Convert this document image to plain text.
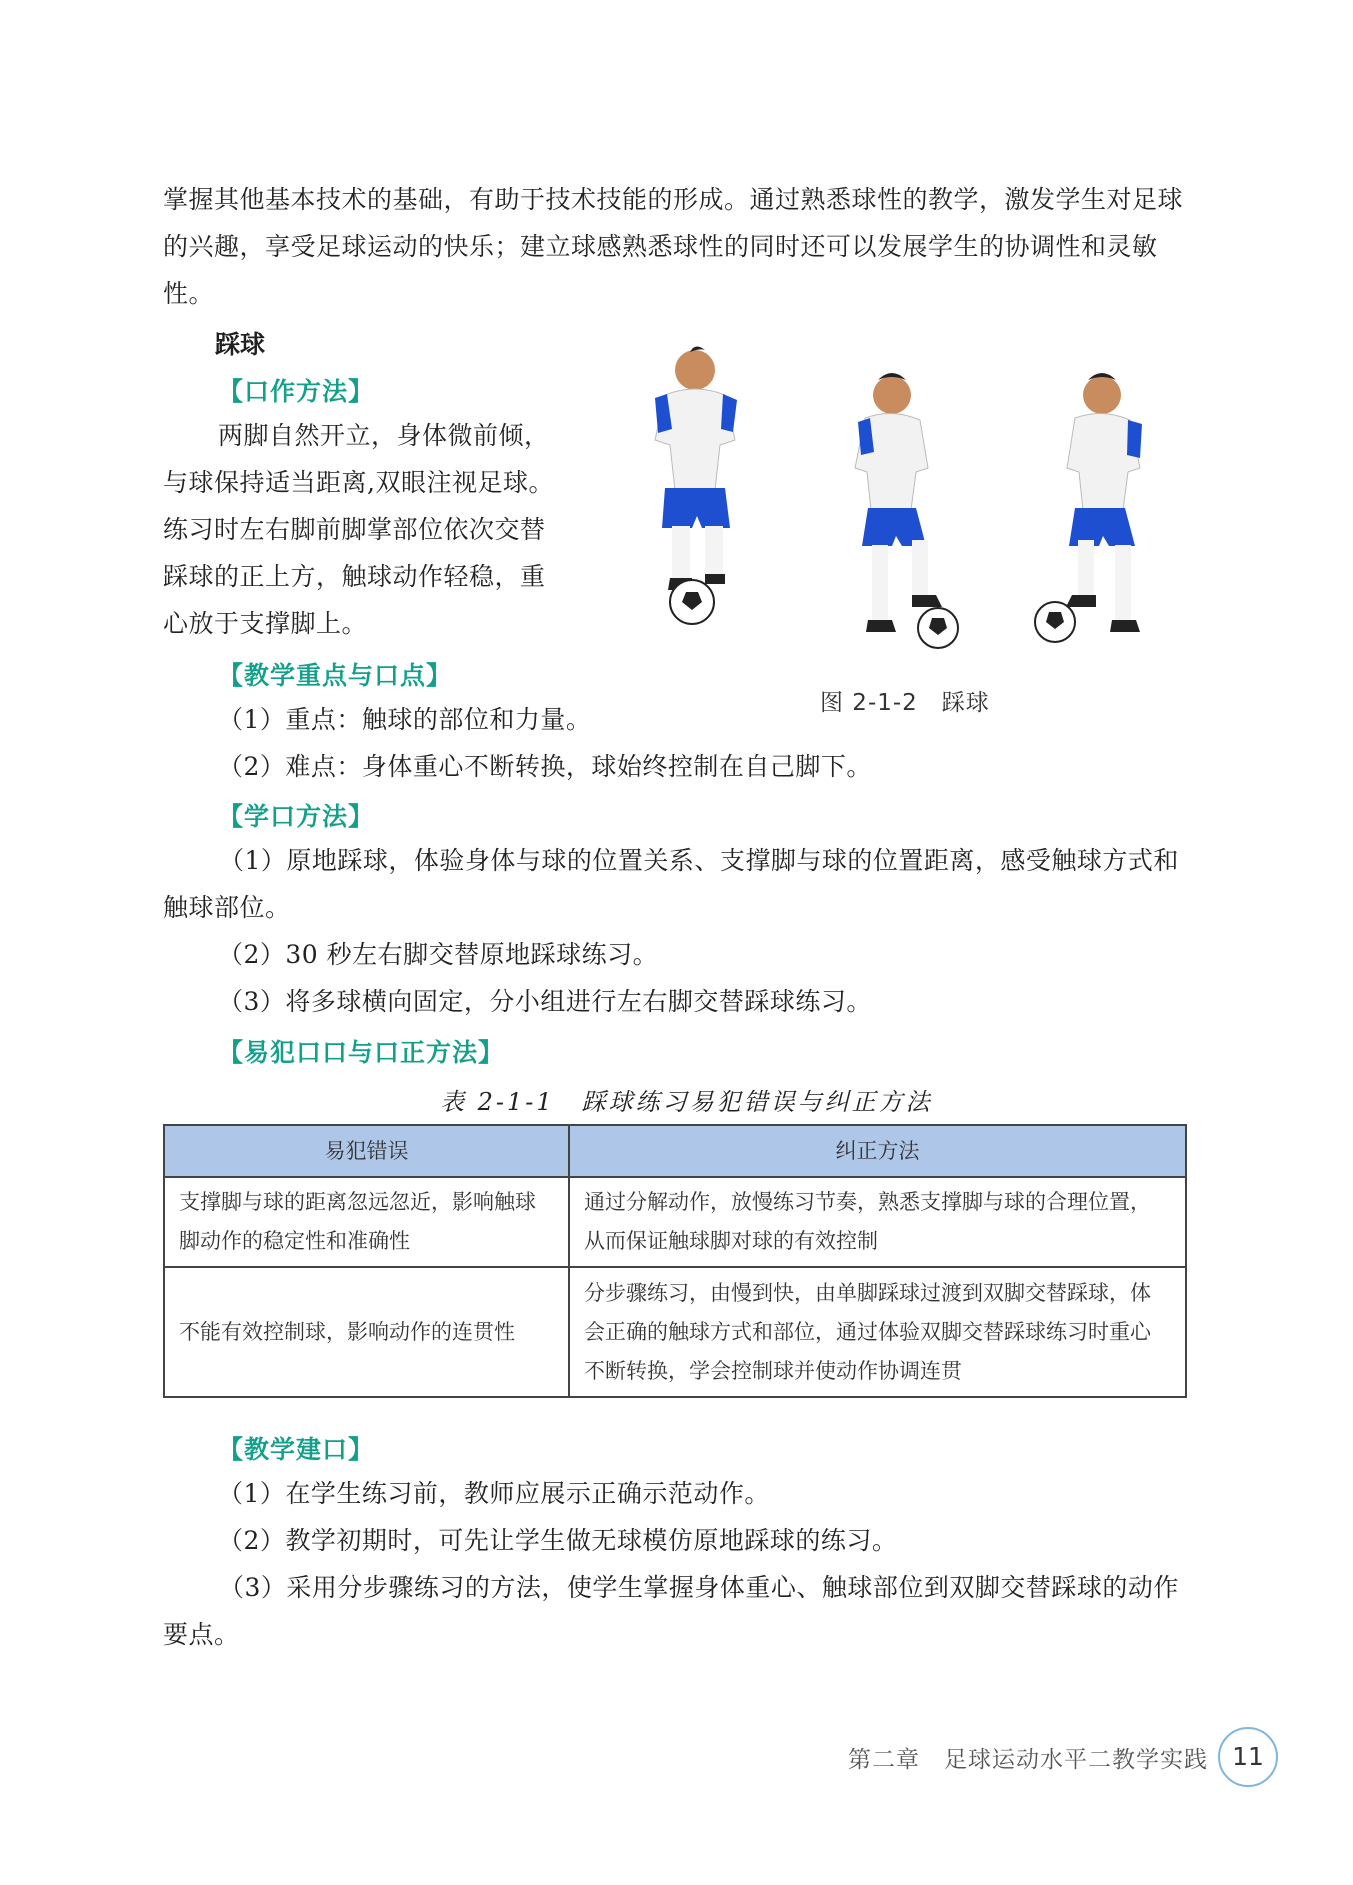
掌握其他基本技术的基础，有助于技术技能的形成。通过熟悉球性的教学，激发学生对足球的兴趣，享受足球运动的快乐；建立球感熟悉球性的同时还可以发展学生的协调性和灵敏性。

踩球
【口作方法】
两脚自然开立，身体微前倾，
与球保持适当距离,双眼注视足球。
练习时左右脚前脚掌部位依次交替
踩球的正上方，触球动作轻稳，重
心放于支撑脚上。
图 2-1-2　踩球
【教学重点与口点】
（1）重点：触球的部位和力量。
（2）难点：身体重心不断转换，球始终控制在自己脚下。
【学口方法】

（1）原地踩球，体验身体与球的位置关系、支撑脚与球的位置距离，感受触球方式和触球部位。

（2）30 秒左右脚交替原地踩球练习。
（3）将多球横向固定，分小组进行左右脚交替踩球练习。
【易犯口口与口正方法】
表 2-1-1　踩球练习易犯错误与纠正方法
易犯错误	纠正方法
支撑脚与球的距离忽远忽近，影响触球脚动作的稳定性和准确性	通过分解动作，放慢练习节奏，熟悉支撑脚与球的合理位置，从而保证触球脚对球的有效控制
不能有效控制球，影响动作的连贯性	分步骤练习，由慢到快，由单脚踩球过渡到双脚交替踩球，体会正确的触球方式和部位，通过体验双脚交替踩球练习时重心不断转换，学会控制球并使动作协调连贯
【教学建口】
（1）在学生练习前，教师应展示正确示范动作。
（2）教学初期时，可先让学生做无球模仿原地踩球的练习。

（3）采用分步骤练习的方法，使学生掌握身体重心、触球部位到双脚交替踩球的动作要点。

第二章　足球运动水平二教学实践 11
